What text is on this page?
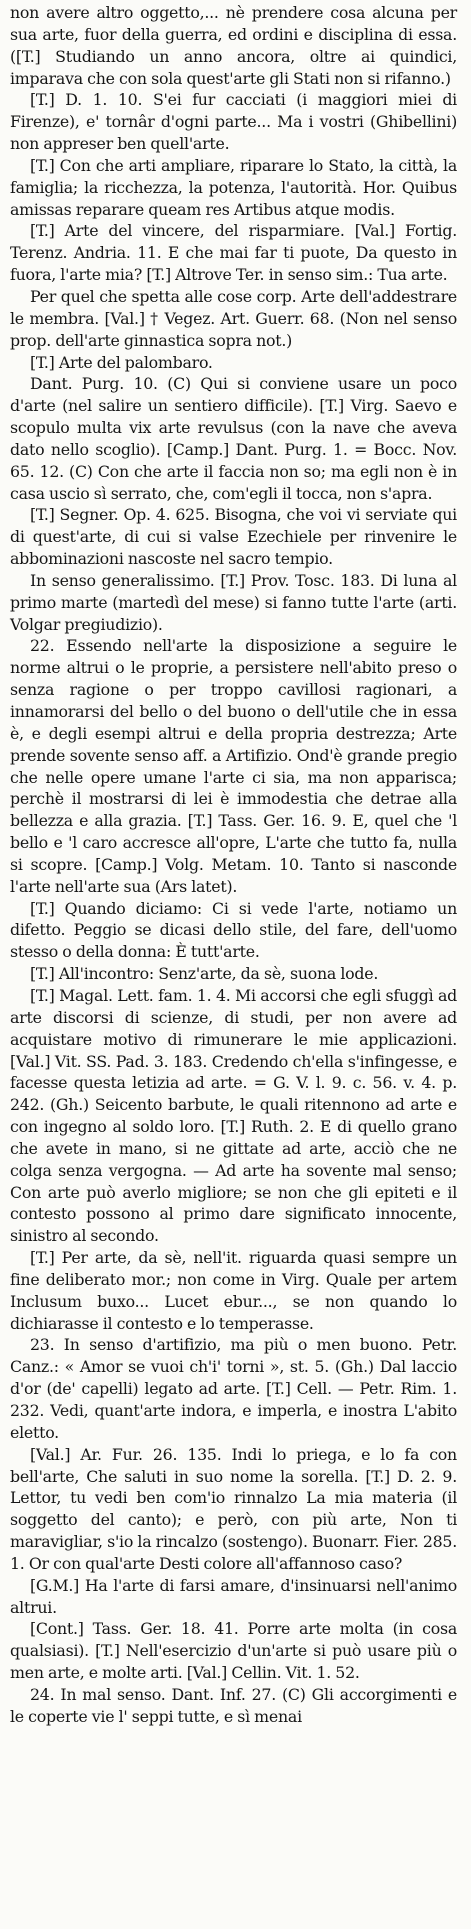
non avere altro oggetto,... nè prendere cosa alcuna per sua arte, fuor della guerra, ed ordini e disciplina di essa. ([T.] Studiando un anno ancora, oltre ai quindici, imparava che con sola quest'arte gli Stati non si rifanno.)
[T.] D. 1. 10. S'ei fur cacciati (i maggiori miei di Firenze), e' tornâr d'ogni parte... Ma i vostri (Ghibellini) non appreser ben quell'arte.
[T.] Con che arti ampliare, riparare lo Stato, la città, la famiglia; la ricchezza, la potenza, l'autorità. Hor. Quibus amissas reparare queam res Artibus atque modis.
[T.] Arte del vincere, del risparmiare. [Val.] Fortig. Terenz. Andria. 11. E che mai far ti puote, Da questo in fuora, l'arte mia? [T.] Altrove Ter. in senso sim.: Tua arte.
Per quel che spetta alle cose corp. Arte dell'addestrare le membra. [Val.] † Vegez. Art. Guerr. 68. (Non nel senso prop. dell'arte ginnastica sopra not.)
[T.] Arte del palombaro.
Dant. Purg. 10. (C) Qui si conviene usare un poco d'arte (nel salire un sentiero difficile). [T.] Virg. Saevo e scopulo multa vix arte revulsus (con la nave che aveva dato nello scoglio). [Camp.] Dant. Purg. 1. = Bocc. Nov. 65. 12. (C) Con che arte il faccia non so; ma egli non è in casa uscio sì serrato, che, com'egli il tocca, non s'apra.
[T.] Segner. Op. 4. 625. Bisogna, che voi vi serviate qui di quest'arte, di cui si valse Ezechiele per rinvenire le abbominazioni nascoste nel sacro tempio.
In senso generalissimo. [T.] Prov. Tosc. 183. Di luna al primo marte (martedì del mese) si fanno tutte l'arte (arti. Volgar pregiudizio).
22. Essendo nell'arte la disposizione a seguire le norme altrui o le proprie, a persistere nell'abito preso o senza ragione o per troppo cavillosi ragionari, a innamorarsi del bello o del buono o dell'utile che in essa è, e degli esempi altrui e della propria destrezza; Arte prende sovente senso aff. a Artifizio. Ond'è grande pregio che nelle opere umane l'arte ci sia, ma non apparisca; perchè il mostrarsi di lei è immodestia che detrae alla bellezza e alla grazia. [T.] Tass. Ger. 16. 9. E, quel che 'l bello e 'l caro accresce all'opre, L'arte che tutto fa, nulla si scopre. [Camp.] Volg. Metam. 10. Tanto si nasconde l'arte nell'arte sua (Ars latet).
[T.] Quando diciamo: Ci si vede l'arte, notiamo un difetto. Peggio se dicasi dello stile, del fare, dell'uomo stesso o della donna: È tutt'arte.
[T.] All'incontro: Senz'arte, da sè, suona lode.
[T.] Magal. Lett. fam. 1. 4. Mi accorsi che egli sfuggì ad arte discorsi di scienze, di studi, per non avere ad acquistare motivo di rimunerare le mie applicazioni. [Val.] Vit. SS. Pad. 3. 183. Credendo ch'ella s'infingesse, e facesse questa letizia ad arte. = G. V. l. 9. c. 56. v. 4. p. 242. (Gh.) Seicento barbute, le quali ritennono ad arte e con ingegno al soldo loro. [T.] Ruth. 2. E di quello grano che avete in mano, si ne gittate ad arte, acciò che ne colga senza vergogna. — Ad arte ha sovente mal senso; Con arte può averlo migliore; se non che gli epiteti e il contesto possono al primo dare significato innocente, sinistro al secondo.
[T.] Per arte, da sè, nell'it. riguarda quasi sempre un fine deliberato mor.; non come in Virg. Quale per artem Inclusum buxo... Lucet ebur..., se non quando lo dichiarasse il contesto e lo temperasse.
23. In senso d'artifizio, ma più o men buono. Petr. Canz.: « Amor se vuoi ch'i' torni », st. 5. (Gh.) Dal laccio d'or (de' capelli) legato ad arte. [T.] Cell. — Petr. Rim. 1. 232. Vedi, quant'arte indora, e imperla, e inostra L'abito eletto.
[Val.] Ar. Fur. 26. 135. Indi lo priega, e lo fa con bell'arte, Che saluti in suo nome la sorella. [T.] D. 2. 9. Lettor, tu vedi ben com'io rinnalzo La mia materia (il soggetto del canto); e però, con più arte, Non ti maravigliar, s'io la rincalzo (sostengo). Buonarr. Fier. 285. 1. Or con qual'arte Desti colore all'affannoso caso?
[G.M.] Ha l'arte di farsi amare, d'insinuarsi nell'animo altrui.
[Cont.] Tass. Ger. 18. 41. Porre arte molta (in cosa qualsiasi). [T.] Nell'esercizio d'un'arte si può usare più o men arte, e molte arti. [Val.] Cellin. Vit. 1. 52.
24. In mal senso. Dant. Inf. 27. (C) Gli accorgimenti e le coperte vie l' seppi tutte, e sì menai
